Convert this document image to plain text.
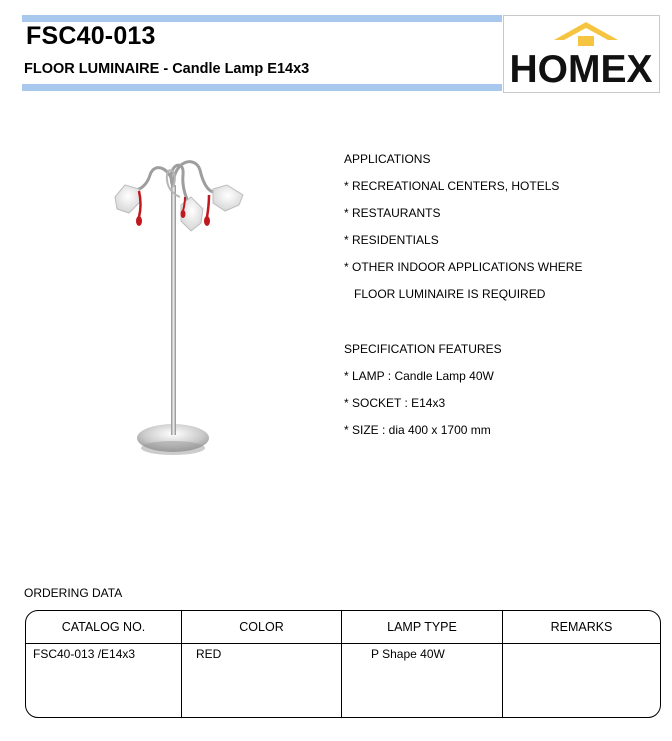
FSC40-013
FLOOR LUMINAIRE - Candle Lamp E14x3	HOMEX
APPLICATIONS
* RECREATIONAL CENTERS, HOTELS
* RESTAURANTS
* RESIDENTIALS
* OTHER INDOOR APPLICATIONS WHERE
FLOOR LUMINAIRE IS REQUIRED
SPECIFICATION FEATURES
* LAMP : Candle Lamp 40W
* SOCKET : E14x3
* SIZE : dia 400 x 1700 mm
ORDERING DATA
CATALOG NO.	COLOR	LAMP TYPE	REMARKS
FSC40-013 /E14x3	RED	P Shape 40W
